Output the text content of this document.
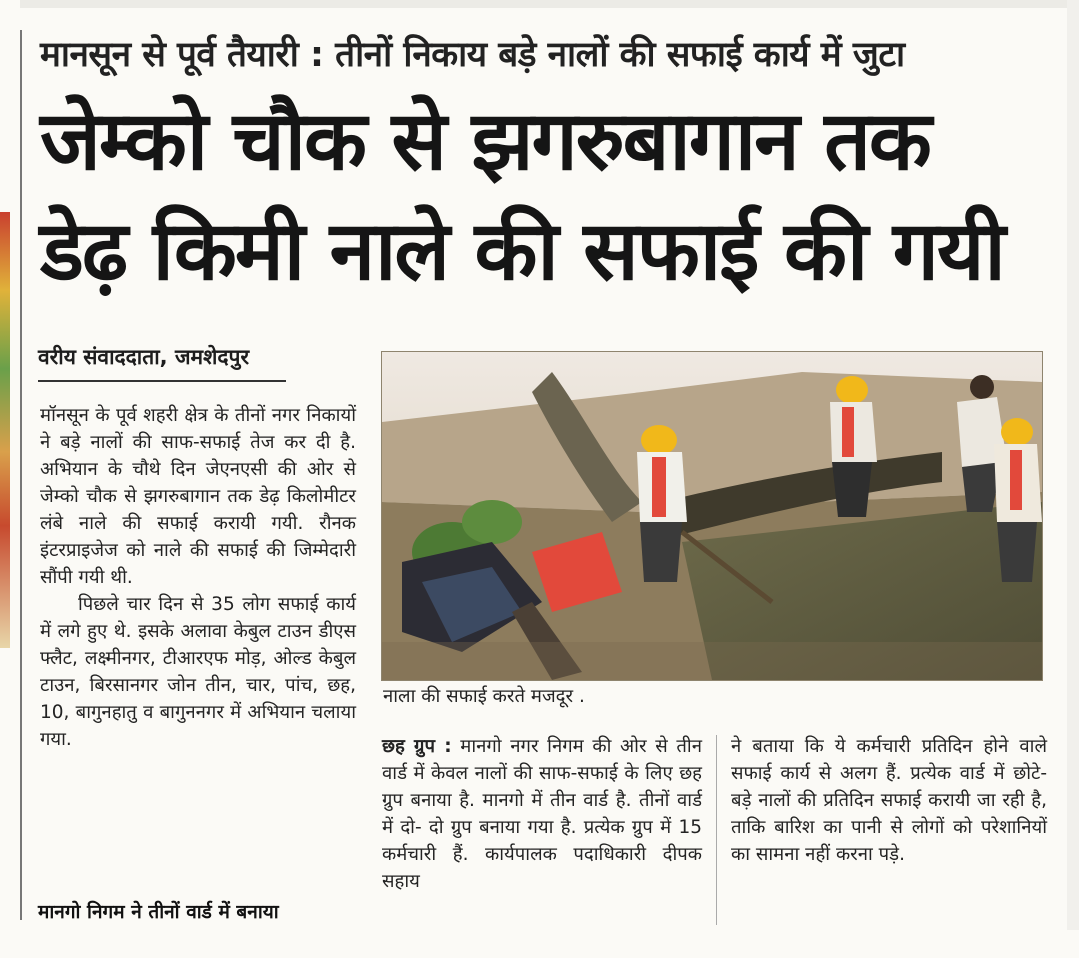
मानसून से पूर्व तैयारी : तीनों निकाय बड़े नालों की सफाई कार्य में जुटा
जेम्को चौक से झगरुबागान तक
डेढ़ किमी नाले की सफाई की गयी
वरीय संवाददाता, जमशेदपुर

मॉनसून के पूर्व शहरी क्षेत्र के तीनों नगर निकायों ने बड़े नालों की साफ-सफाई तेज कर दी है. अभियान के चौथे दिन जेएनएसी की ओर से जेम्को चौक से झगरुबागान तक डेढ़ किलोमीटर लंबे नाले की सफाई करायी गयी. रौनक इंटरप्राइजेज को नाले की सफाई की जिम्मेदारी सौंपी गयी थी.

पिछले चार दिन से 35 लोग सफाई कार्य में लगे हुए थे. इसके अलावा केबुल टाउन डीएस फ्लैट, लक्ष्मीनगर, टीआरएफ मोड़, ओल्ड केबुल टाउन, बिरसानगर जोन तीन, चार, पांच, छह, 10, बागुनहातु व बागुननगर में अभियान चलाया गया.

मानगो निगम ने तीनों वार्ड में बनाया
नाला की सफाई करते मजदूर .

छह ग्रुप : मानगो नगर निगम की ओर से तीन वार्ड में केवल नालों की साफ-सफाई के लिए छह ग्रुप बनाया है. मानगो में तीन वार्ड है. तीनों वार्ड में दो- दो ग्रुप बनाया गया है. प्रत्येक ग्रुप में 15 कर्मचारी हैं. कार्यपालक पदाधिकारी दीपक सहाय

ने बताया कि ये कर्मचारी प्रतिदिन होने वाले सफाई कार्य से अलग हैं. प्रत्येक वार्ड में छोटे- बड़े नालों की प्रतिदिन सफाई करायी जा रही है, ताकि बारिश का पानी से लोगों को परेशानियों का सामना नहीं करना पड़े.
